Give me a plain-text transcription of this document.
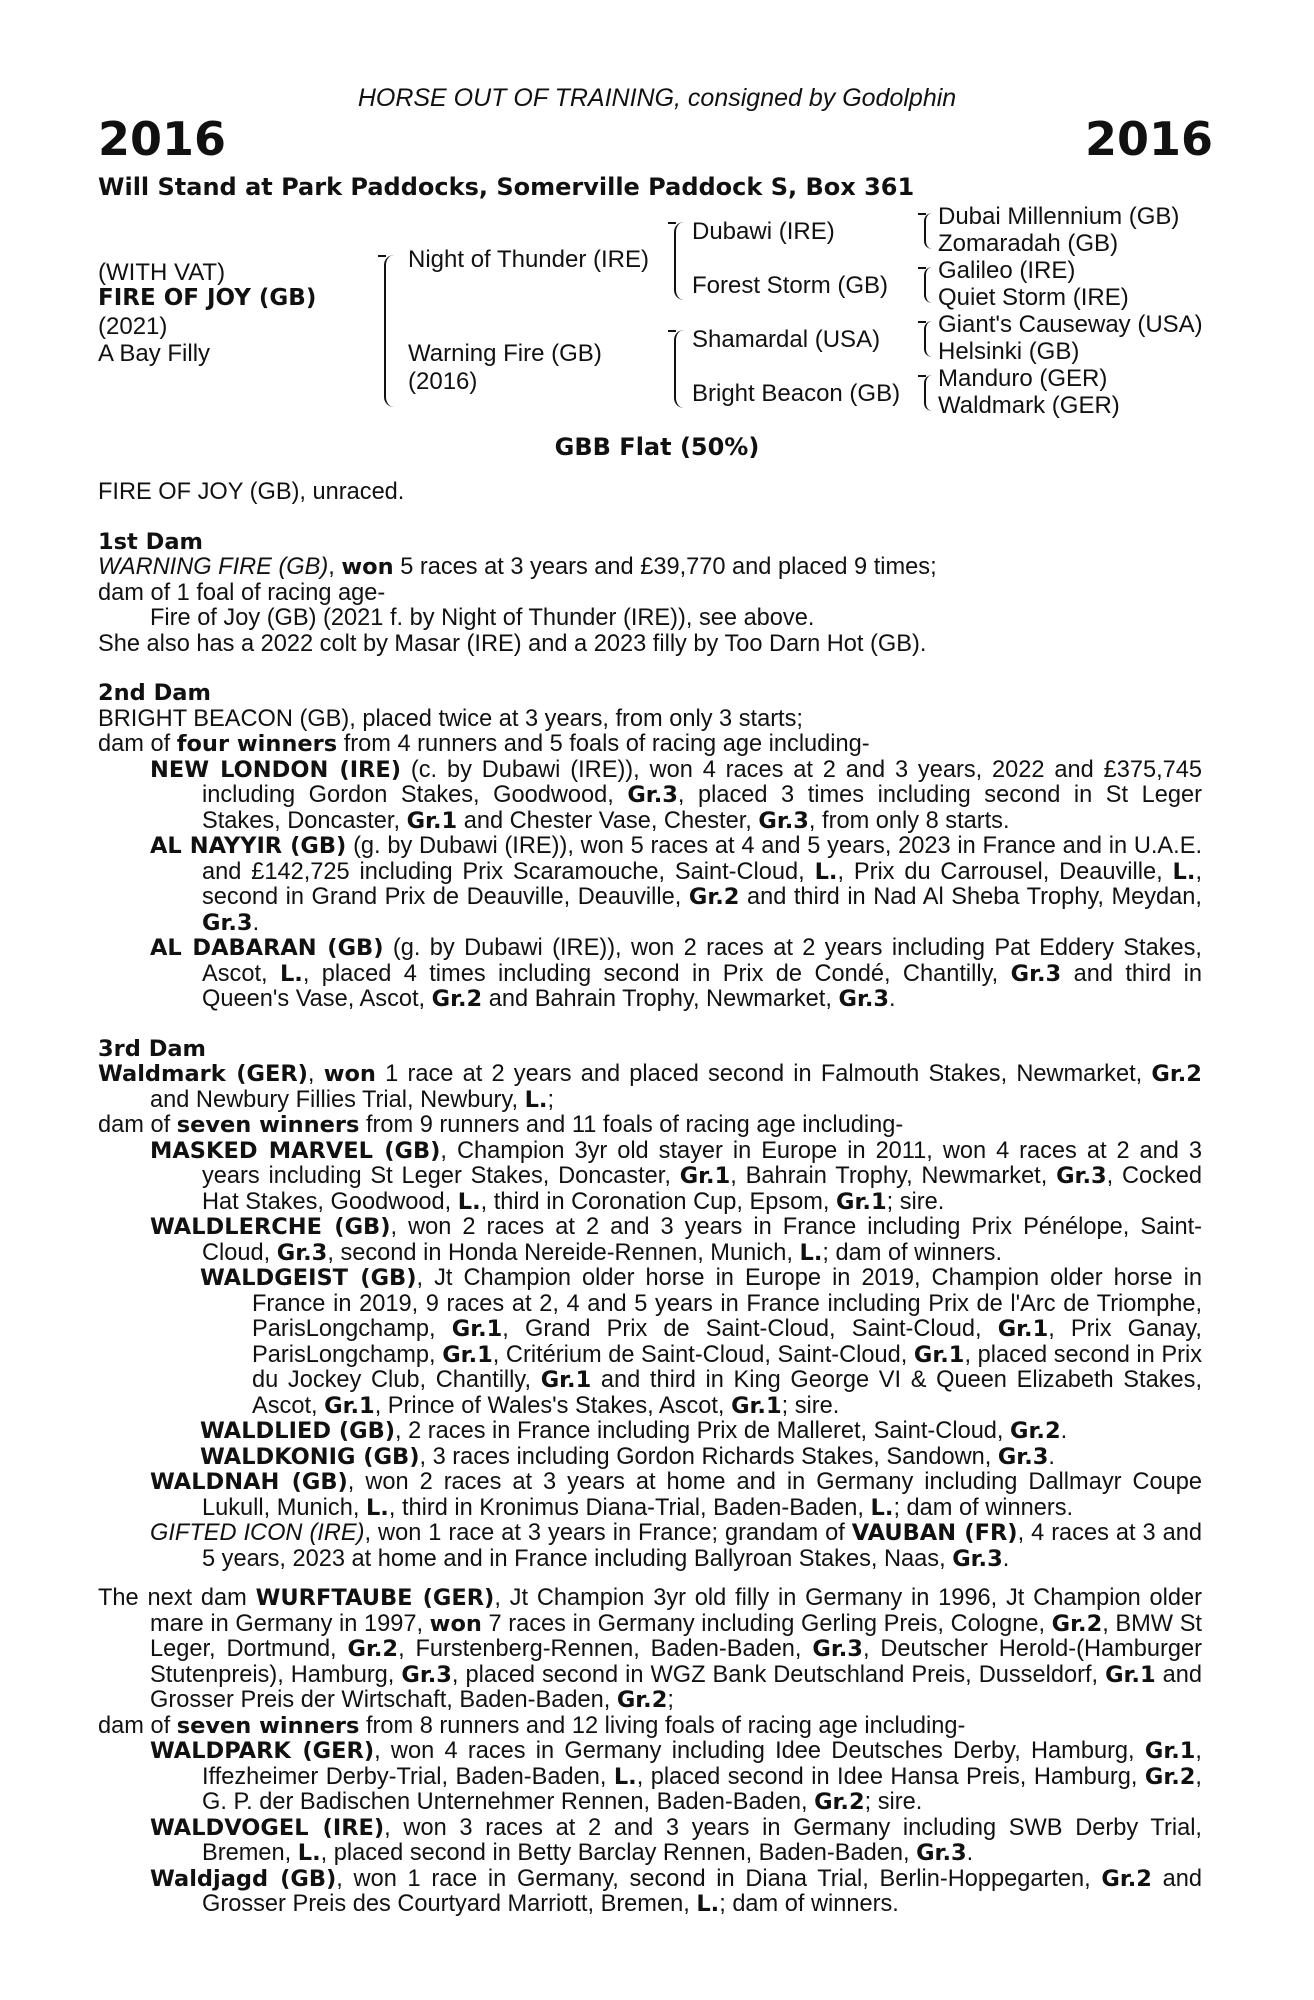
HORSE OUT OF TRAINING, consigned by Godolphin
2016	2016
Will Stand at Park Paddocks, Somerville Paddock S, Box 361
(WITH VAT)
FIRE OF JOY (GB)
(2021)
A Bay Filly
Night of Thunder (IRE)
Warning Fire (GB)
(2016)
Dubawi (IRE)
Forest Storm (GB)
Shamardal (USA)
Bright Beacon (GB)
Dubai Millennium (GB)
Zomaradah (GB)
Galileo (IRE)
Quiet Storm (IRE)
Giant's Causeway (USA)
Helsinki (GB)
Manduro (GER)
Waldmark (GER)
GBB Flat (50%)

FIRE OF JOY (GB), unraced.

1st Dam

WARNING FIRE (GB), won 5 races at 3 years and £39,770 and placed 9 times;

dam of 1 foal of racing age-

Fire of Joy (GB) (2021 f. by Night of Thunder (IRE)), see above.

She also has a 2022 colt by Masar (IRE) and a 2023 filly by Too Darn Hot (GB).

2nd Dam

BRIGHT BEACON (GB), placed twice at 3 years, from only 3 starts;

dam of four winners from 4 runners and 5 foals of racing age including-

NEW LONDON (IRE) (c. by Dubawi (IRE)), won 4 races at 2 and 3 years, 2022 and £375,745 including Gordon Stakes, Goodwood, Gr.3, placed 3 times including second in St Leger Stakes, Doncaster, Gr.1 and Chester Vase, Chester, Gr.3, from only 8 starts.

AL NAYYIR (GB) (g. by Dubawi (IRE)), won 5 races at 4 and 5 years, 2023 in France and in U.A.E. and £142,725 including Prix Scaramouche, Saint-Cloud, L., Prix du Carrousel, Deauville, L., second in Grand Prix de Deauville, Deauville, Gr.2 and third in Nad Al Sheba Trophy, Meydan, Gr.3.

AL DABARAN (GB) (g. by Dubawi (IRE)), won 2 races at 2 years including Pat Eddery Stakes, Ascot, L., placed 4 times including second in Prix de Condé, Chantilly, Gr.3 and third in Queen's Vase, Ascot, Gr.2 and Bahrain Trophy, Newmarket, Gr.3.

3rd Dam

Waldmark (GER), won 1 race at 2 years and placed second in Falmouth Stakes, Newmarket, Gr.2 and Newbury Fillies Trial, Newbury, L.;

dam of seven winners from 9 runners and 11 foals of racing age including-

MASKED MARVEL (GB), Champion 3yr old stayer in Europe in 2011, won 4 races at 2 and 3 years including St Leger Stakes, Doncaster, Gr.1, Bahrain Trophy, Newmarket, Gr.3, Cocked Hat Stakes, Goodwood, L., third in Coronation Cup, Epsom, Gr.1; sire.

WALDLERCHE (GB), won 2 races at 2 and 3 years in France including Prix Pénélope, Saint-Cloud, Gr.3, second in Honda Nereide-Rennen, Munich, L.; dam of winners.

WALDGEIST (GB), Jt Champion older horse in Europe in 2019, Champion older horse in France in 2019, 9 races at 2, 4 and 5 years in France including Prix de l'Arc de Triomphe, ParisLongchamp, Gr.1, Grand Prix de Saint-Cloud, Saint-Cloud, Gr.1, Prix Ganay, ParisLongchamp, Gr.1, Critérium de Saint-Cloud, Saint-Cloud, Gr.1, placed second in Prix du Jockey Club, Chantilly, Gr.1 and third in King George VI & Queen Elizabeth Stakes, Ascot, Gr.1, Prince of Wales's Stakes, Ascot, Gr.1; sire.

WALDLIED (GB), 2 races in France including Prix de Malleret, Saint-Cloud, Gr.2.

WALDKONIG (GB), 3 races including Gordon Richards Stakes, Sandown, Gr.3.

WALDNAH (GB), won 2 races at 3 years at home and in Germany including Dallmayr Coupe Lukull, Munich, L., third in Kronimus Diana-Trial, Baden-Baden, L.; dam of winners.

GIFTED ICON (IRE), won 1 race at 3 years in France; grandam of VAUBAN (FR), 4 races at 3 and 5 years, 2023 at home and in France including Ballyroan Stakes, Naas, Gr.3.

The next dam WURFTAUBE (GER), Jt Champion 3yr old filly in Germany in 1996, Jt Champion older mare in Germany in 1997, won 7 races in Germany including Gerling Preis, Cologne, Gr.2, BMW St Leger, Dortmund, Gr.2, Furstenberg-Rennen, Baden-Baden, Gr.3, Deutscher Herold-(Hamburger Stutenpreis), Hamburg, Gr.3, placed second in WGZ Bank Deutschland Preis, Dusseldorf, Gr.1 and Grosser Preis der Wirtschaft, Baden-Baden, Gr.2;

dam of seven winners from 8 runners and 12 living foals of racing age including-

WALDPARK (GER), won 4 races in Germany including Idee Deutsches Derby, Hamburg, Gr.1, Iffezheimer Derby-Trial, Baden-Baden, L., placed second in Idee Hansa Preis, Hamburg, Gr.2, G. P. der Badischen Unternehmer Rennen, Baden-Baden, Gr.2; sire.

WALDVOGEL (IRE), won 3 races at 2 and 3 years in Germany including SWB Derby Trial, Bremen, L., placed second in Betty Barclay Rennen, Baden-Baden, Gr.3.

Waldjagd (GB), won 1 race in Germany, second in Diana Trial, Berlin-Hoppegarten, Gr.2 and Grosser Preis des Courtyard Marriott, Bremen, L.; dam of winners.
